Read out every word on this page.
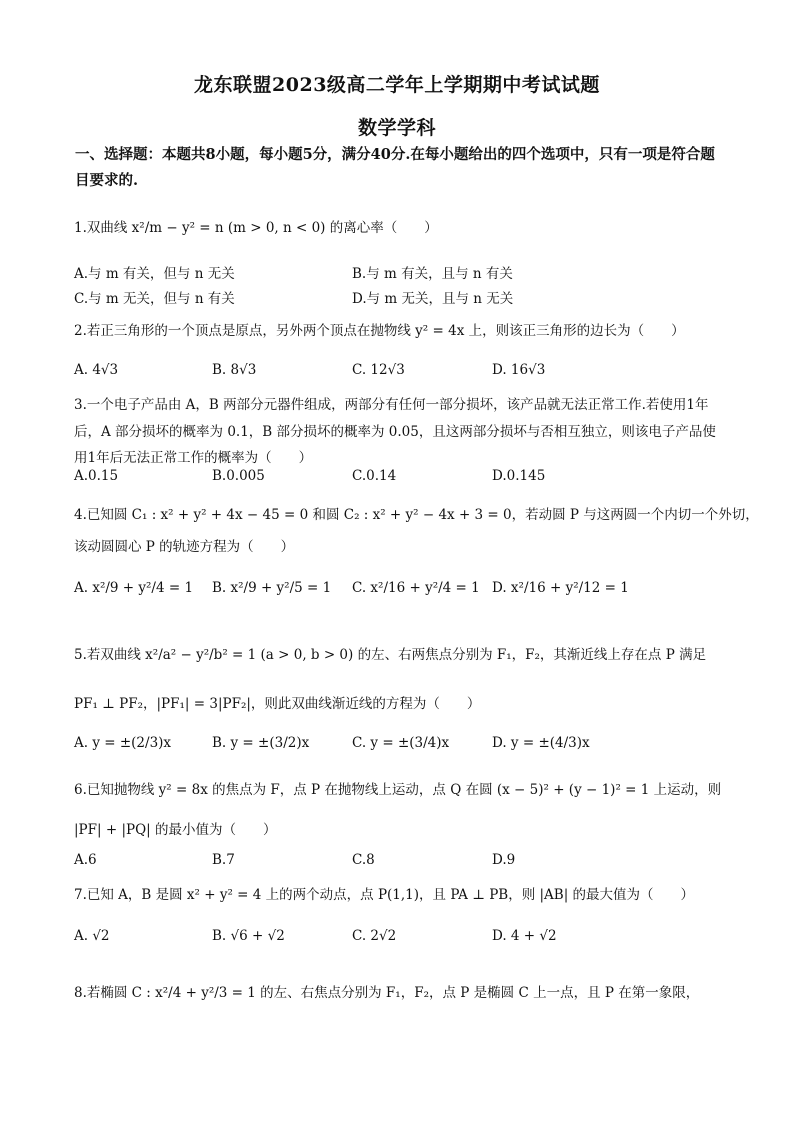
龙东联盟2023级高二学年上学期期中考试试题
数学学科
一、选择题：本题共8小题，每小题5分，满分40分.在每小题给出的四个选项中，只有一项是符合题目要求的.
1.双曲线 x²/m − y² = n (m > 0, n < 0) 的离心率（　　）
A.与 m 有关，但与 n 无关	B.与 m 有关，且与 n 有关
C.与 m 无关，但与 n 有关	D.与 m 无关，且与 n 无关
2.若正三角形的一个顶点是原点，另外两个顶点在抛物线 y² = 4x 上，则该正三角形的边长为（　　）
A. 4√3	B. 8√3	C. 12√3	D. 16√3
3.一个电子产品由 A，B 两部分元器件组成，两部分有任何一部分损坏，该产品就无法正常工作.若使用1年后，A 部分损坏的概率为 0.1，B 部分损坏的概率为 0.05，且这两部分损坏与否相互独立，则该电子产品使用1年后无法正常工作的概率为（　　）
A.0.15	B.0.005	C.0.14	D.0.145
4.已知圆 C₁ : x² + y² + 4x − 45 = 0 和圆 C₂ : x² + y² − 4x + 3 = 0，若动圆 P 与这两圆一个内切一个外切，
该动圆圆心 P 的轨迹方程为（　　）
A. x²/9 + y²/4 = 1 B. x²/9 + y²/5 = 1 C. x²/16 + y²/4 = 1 D. x²/16 + y²/12 = 1
5.若双曲线 x²/a² − y²/b² = 1 (a > 0, b > 0) 的左、右两焦点分别为 F₁，F₂，其渐近线上存在点 P 满足
PF₁ ⊥ PF₂，|PF₁| = 3|PF₂|，则此双曲线渐近线的方程为（　　）
A. y = ±(2/3)x	B. y = ±(3/2)x	C. y = ±(3/4)x	D. y = ±(4/3)x
6.已知抛物线 y² = 8x 的焦点为 F，点 P 在抛物线上运动，点 Q 在圆 (x − 5)² + (y − 1)² = 1 上运动，则
|PF| + |PQ| 的最小值为（　　）
A.6	B.7	C.8	D.9
7.已知 A，B 是圆 x² + y² = 4 上的两个动点，点 P(1,1)，且 PA ⊥ PB，则 |AB| 的最大值为（　　）
A. √2	B. √6 + √2	C. 2√2	D. 4 + √2
8.若椭圆 C : x²/4 + y²/3 = 1 的左、右焦点分别为 F₁，F₂，点 P 是椭圆 C 上一点，且 P 在第一象限，
